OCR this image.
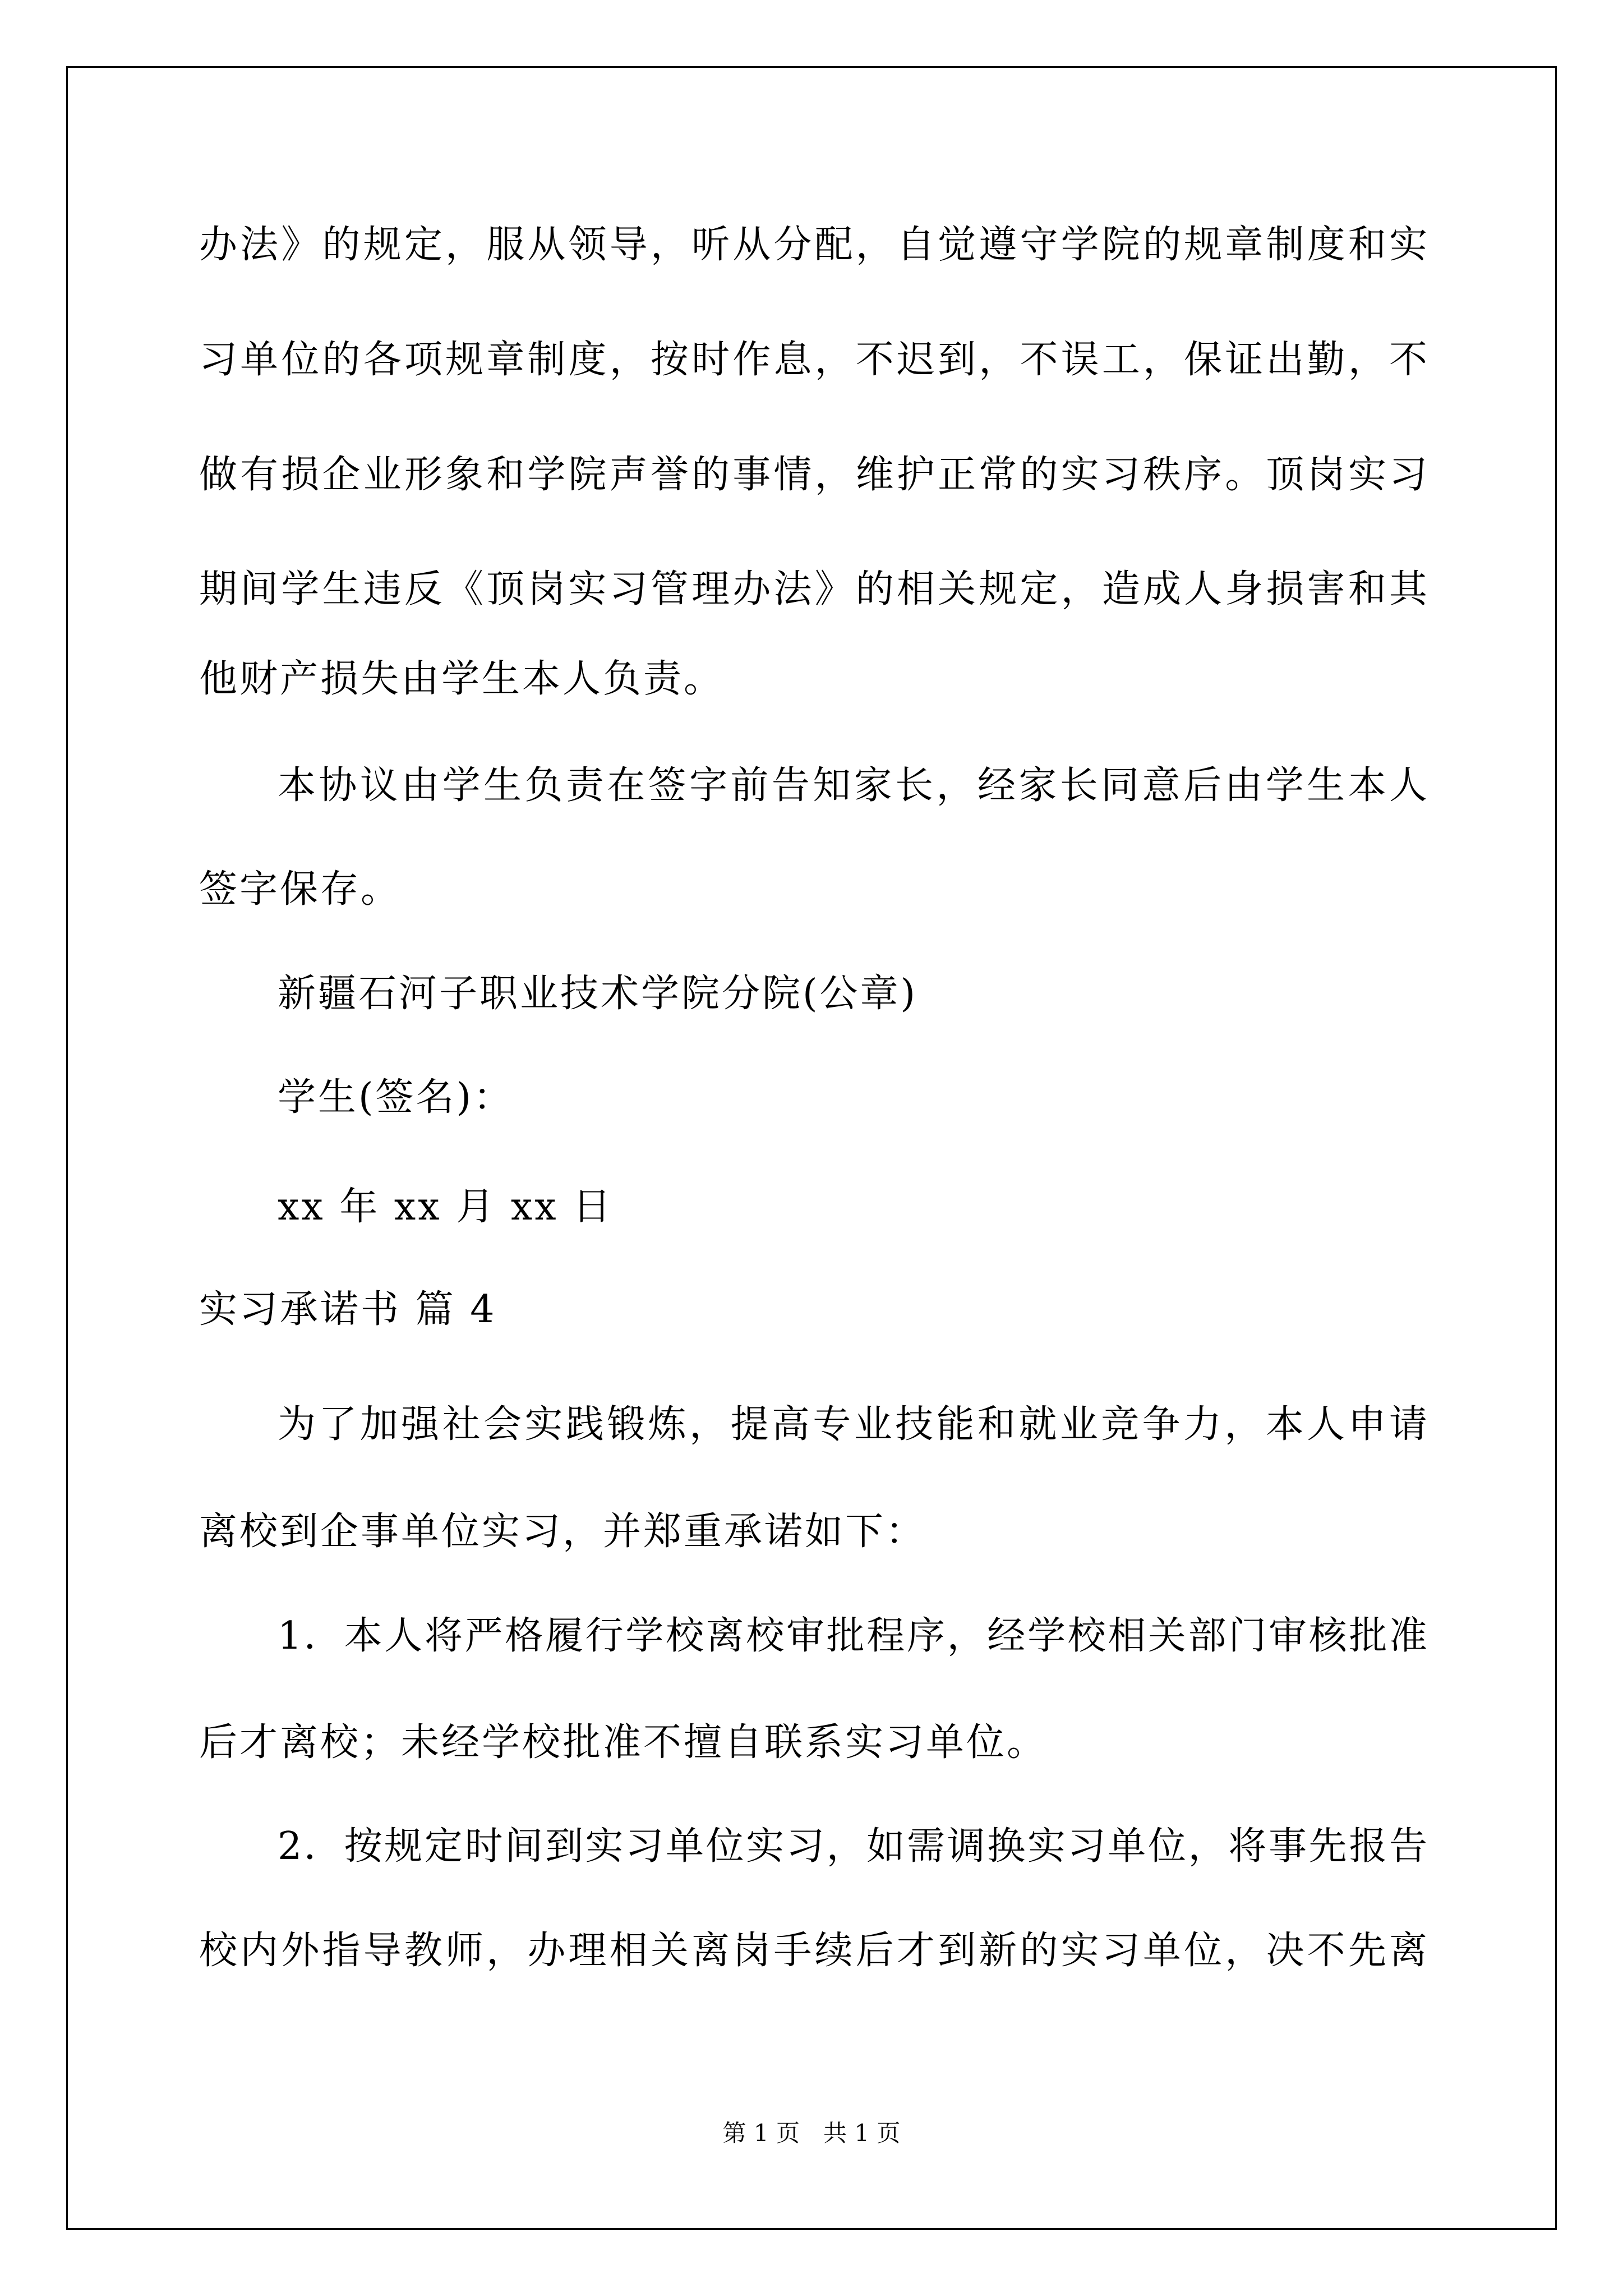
办法》的规定，服从领导，听从分配，自觉遵守学院的规章制度和实
习单位的各项规章制度，按时作息，不迟到，不误工，保证出勤，不
做有损企业形象和学院声誉的事情，维护正常的实习秩序。顶岗实习
期间学生违反《顶岗实习管理办法》的相关规定，造成人身损害和其
他财产损失由学生本人负责。
本协议由学生负责在签字前告知家长，经家长同意后由学生本人
签字保存。
新疆石河子职业技术学院分院(公章)
学生(签名)：
xx 年 xx 月 xx 日
实习承诺书 篇 4
为了加强社会实践锻炼，提高专业技能和就业竞争力，本人申请
离校到企事单位实习，并郑重承诺如下：
1．本人将严格履行学校离校审批程序，经学校相关部门审核批准
后才离校；未经学校批准不擅自联系实习单位。
2．按规定时间到实习单位实习，如需调换实习单位，将事先报告
校内外指导教师，办理相关离岗手续后才到新的实习单位，决不先离
第 1 页　共 1 页
